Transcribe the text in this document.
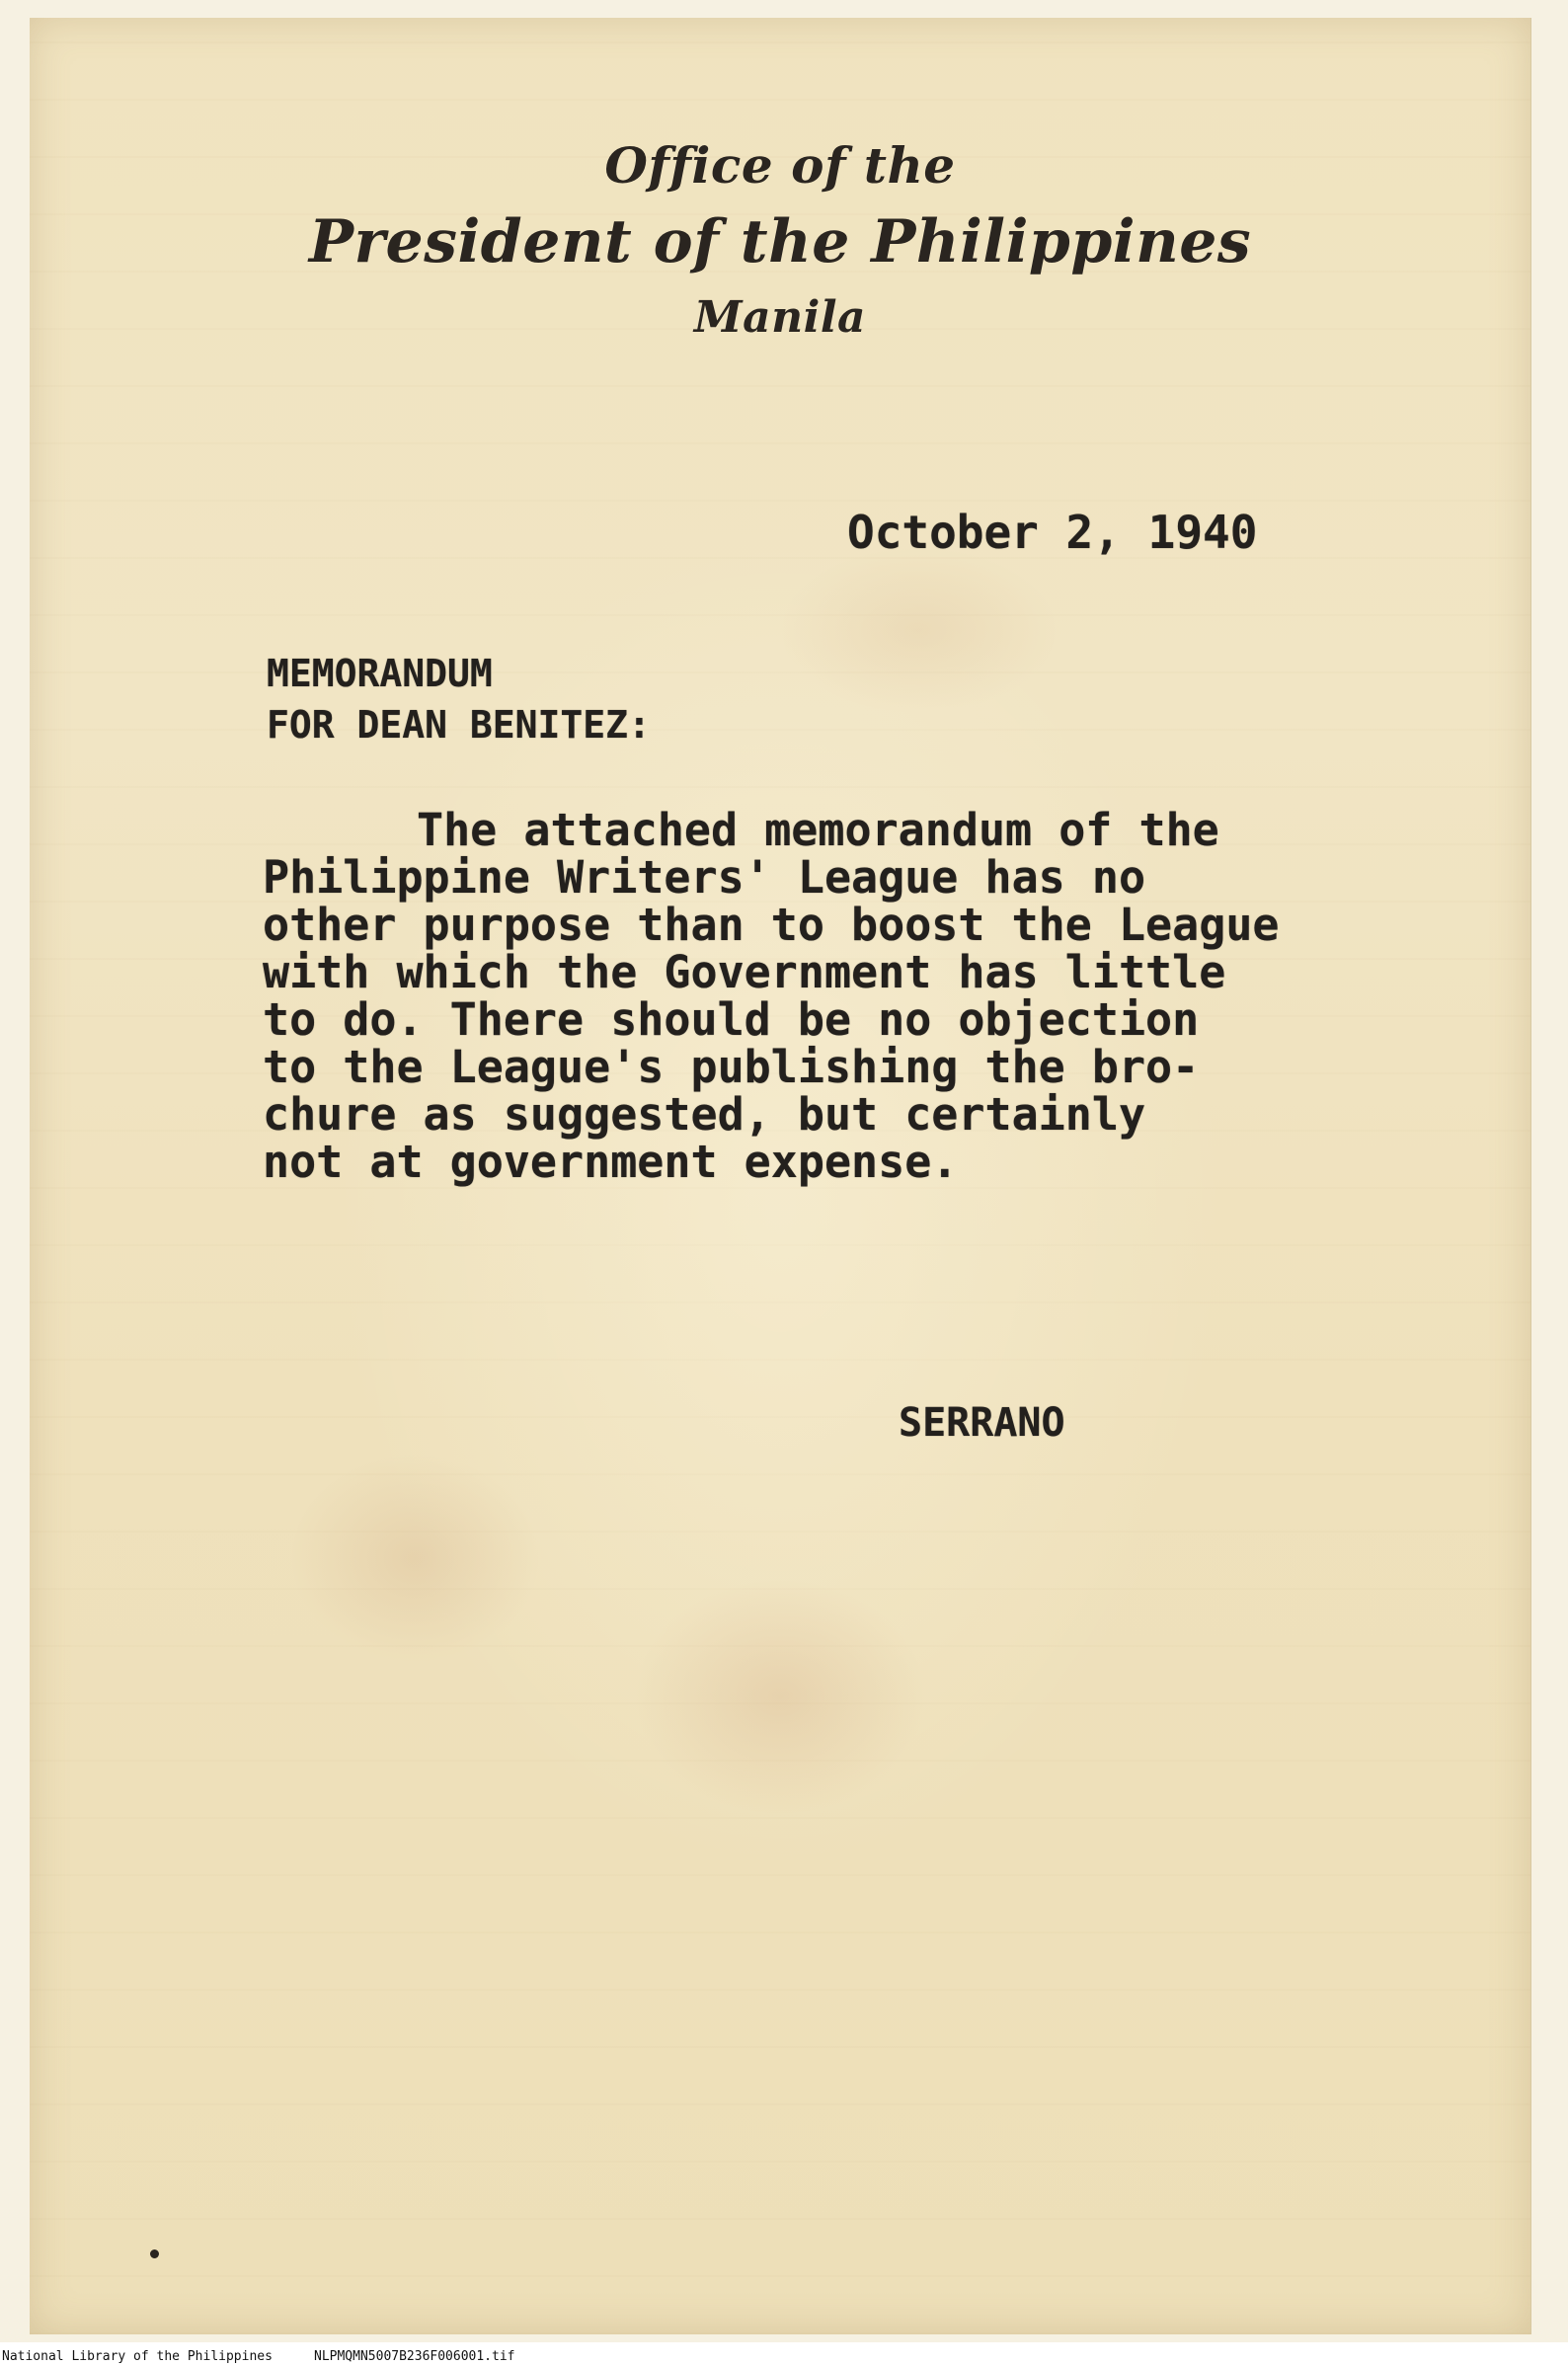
Office of the
President of the Philippines
Manila
October 2, 1940
MEMORANDUM
FOR DEAN BENITEZ:
The attached memorandum of the
Philippine Writers' League has no
other purpose than to boost the League
with which the Government has little
to do. There should be no objection
to the League's publishing the bro-
chure as suggested, but certainly
not at government expense.
SERRANO
National Library of the Philippines	NLPMQMN5007B236F006001.tif
